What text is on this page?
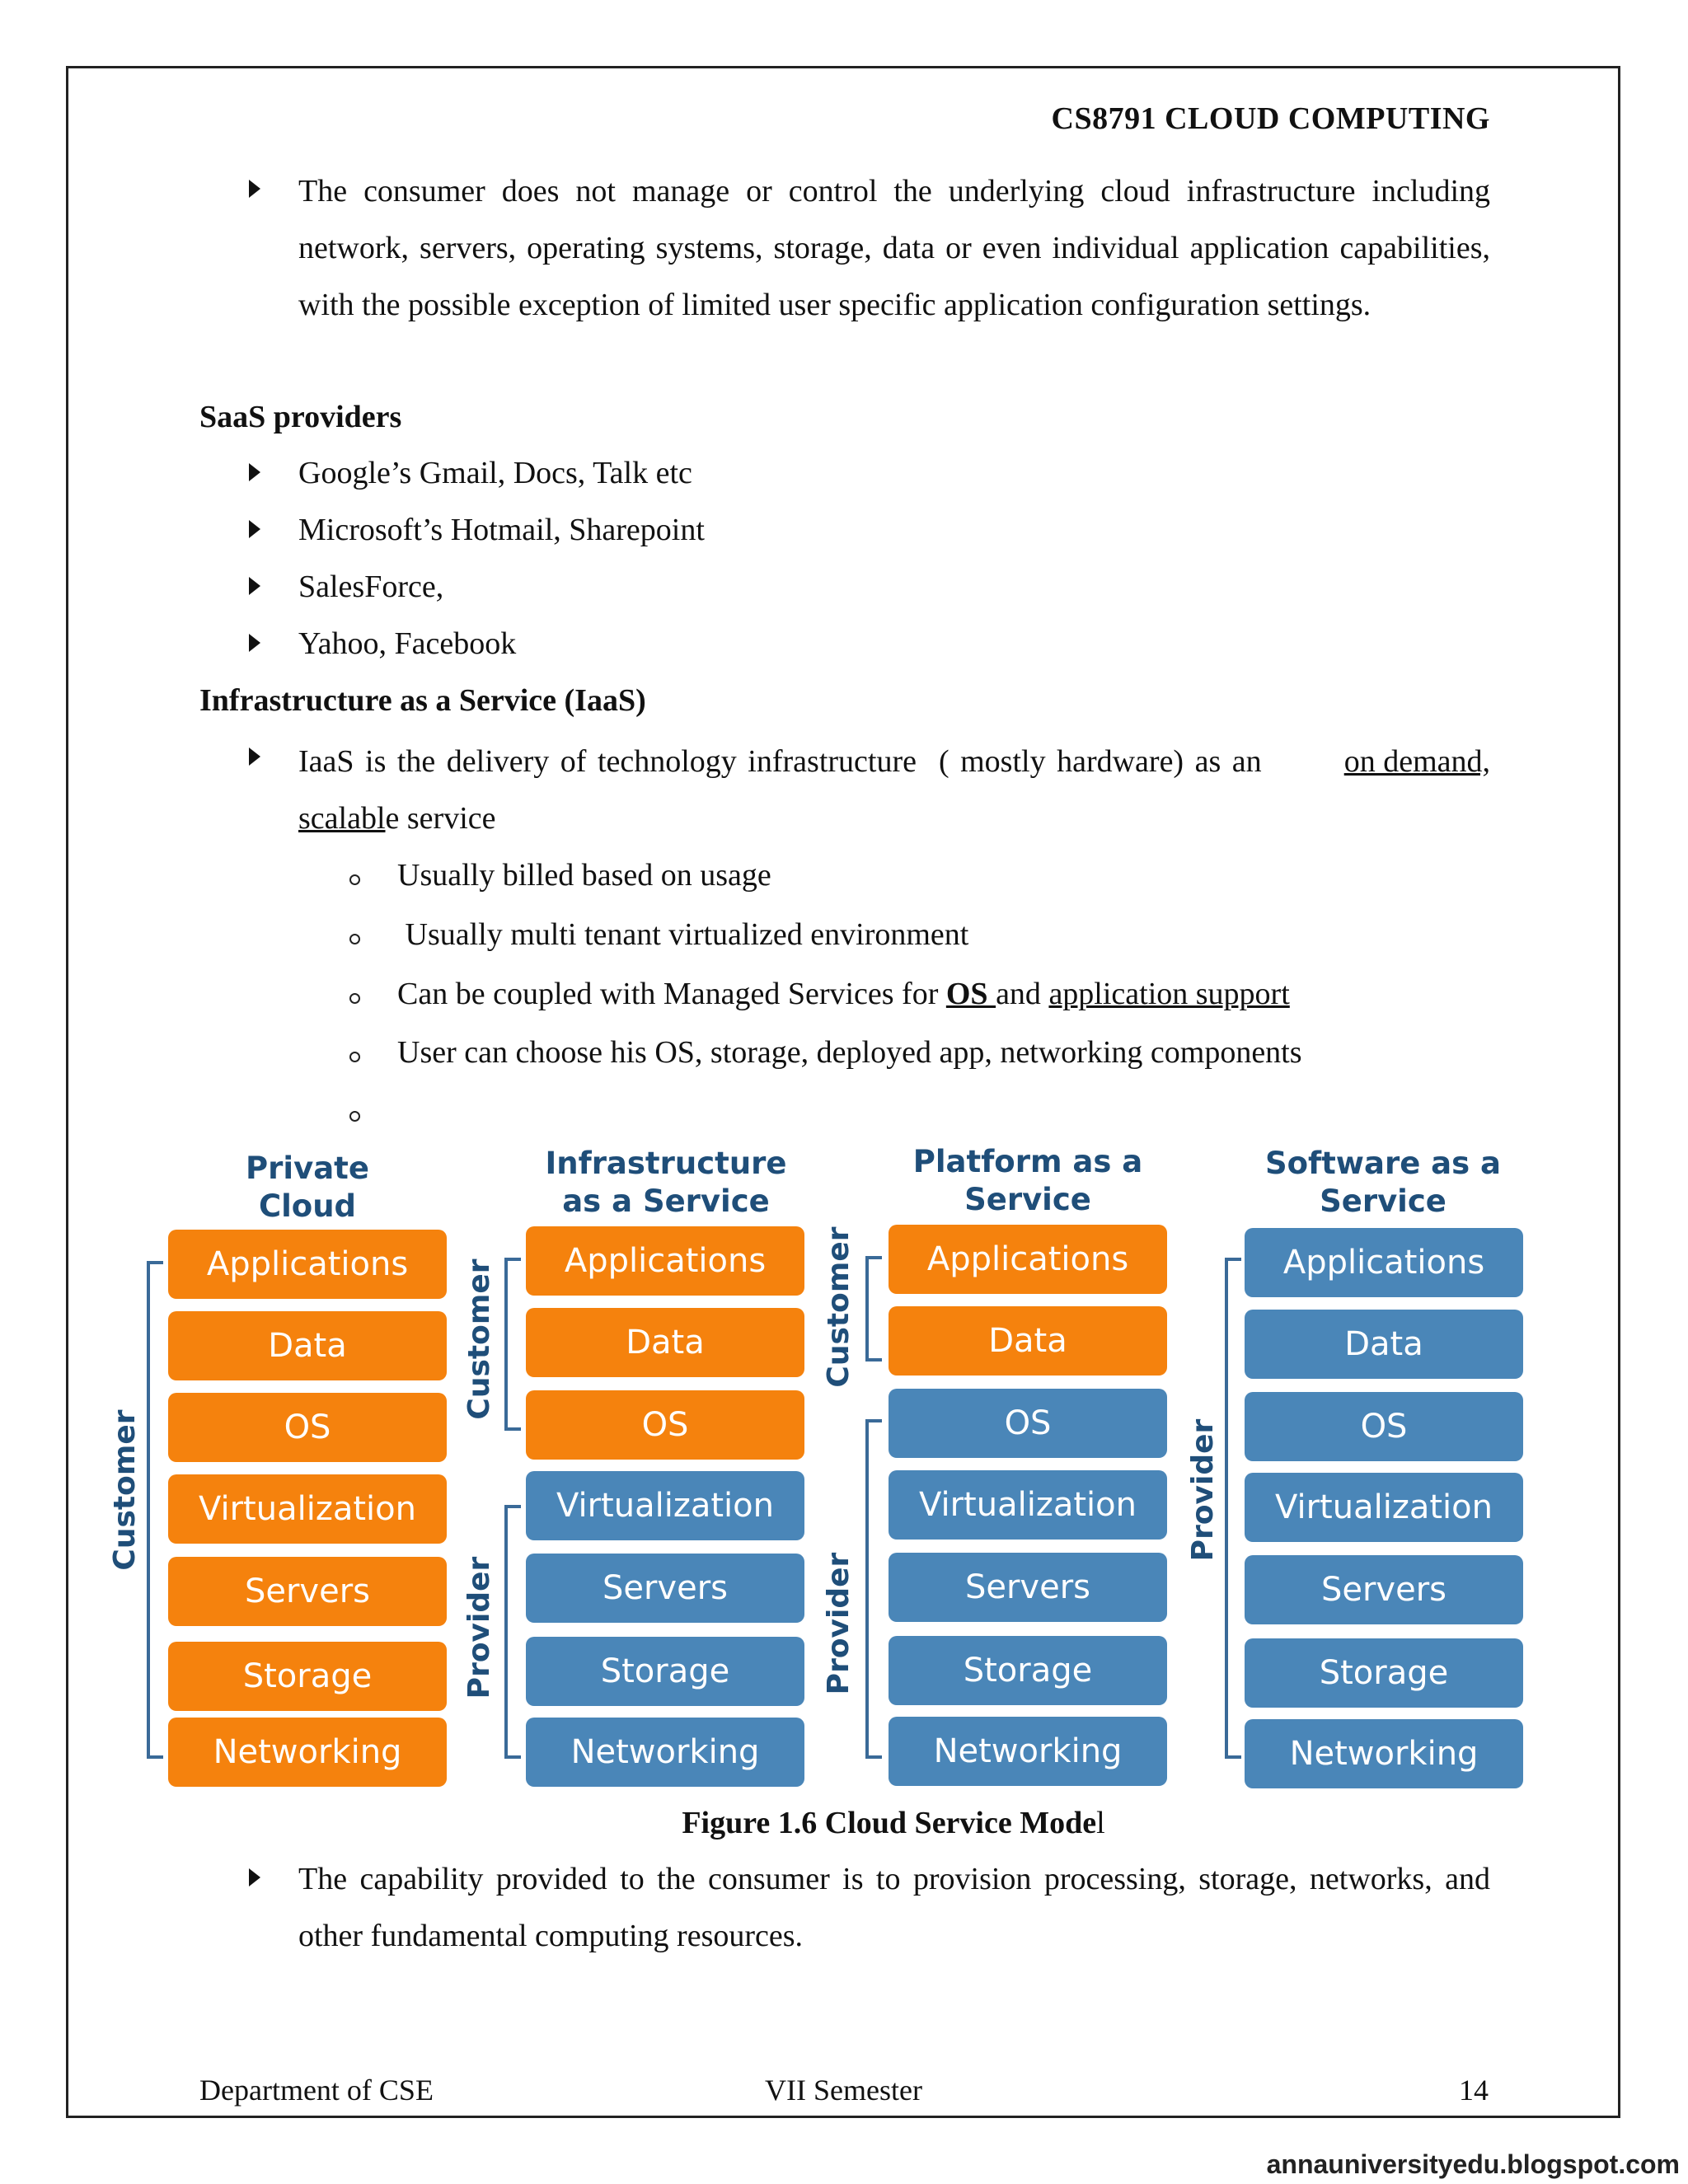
CS8791 CLOUD COMPUTING
The consumer does not manage or control the underlying cloud infrastructure including network, servers, operating systems, storage, data or even individual application capabilities, with the possible exception of limited user specific application configuration settings.
SaaS providers
Google’s Gmail, Docs, Talk etc
Microsoft’s Hotmail, Sharepoint
SalesForce,
Yahoo, Facebook
Infrastructure as a Service (IaaS)
IaaS is the delivery of technology infrastructure  ( mostly hardware) as an on demand,
scalable service
Usually billed based on usage
Usually multi tenant virtualized environment
Can be coupled with Managed Services for OS and application support
User can choose his OS, storage, deployed app, networking components
Private
Cloud
Infrastructure
as a Service
Platform as a
Service
Software as a
Service
Applications
Data
OS
Virtualization
Servers
Storage
Networking
Customer
Applications
Data
OS
Virtualization
Servers
Storage
Networking
Customer
Provider
Applications
Data
OS
Virtualization
Servers
Storage
Networking
Customer
Provider
Applications
Data
OS
Virtualization
Servers
Storage
Networking
Provider
Figure 1.6 Cloud Service Model
The capability provided to the consumer is to provision processing, storage, networks, and other fundamental computing resources.
Department of CSE	VII Semester	14
annauniversityedu.blogspot.com
